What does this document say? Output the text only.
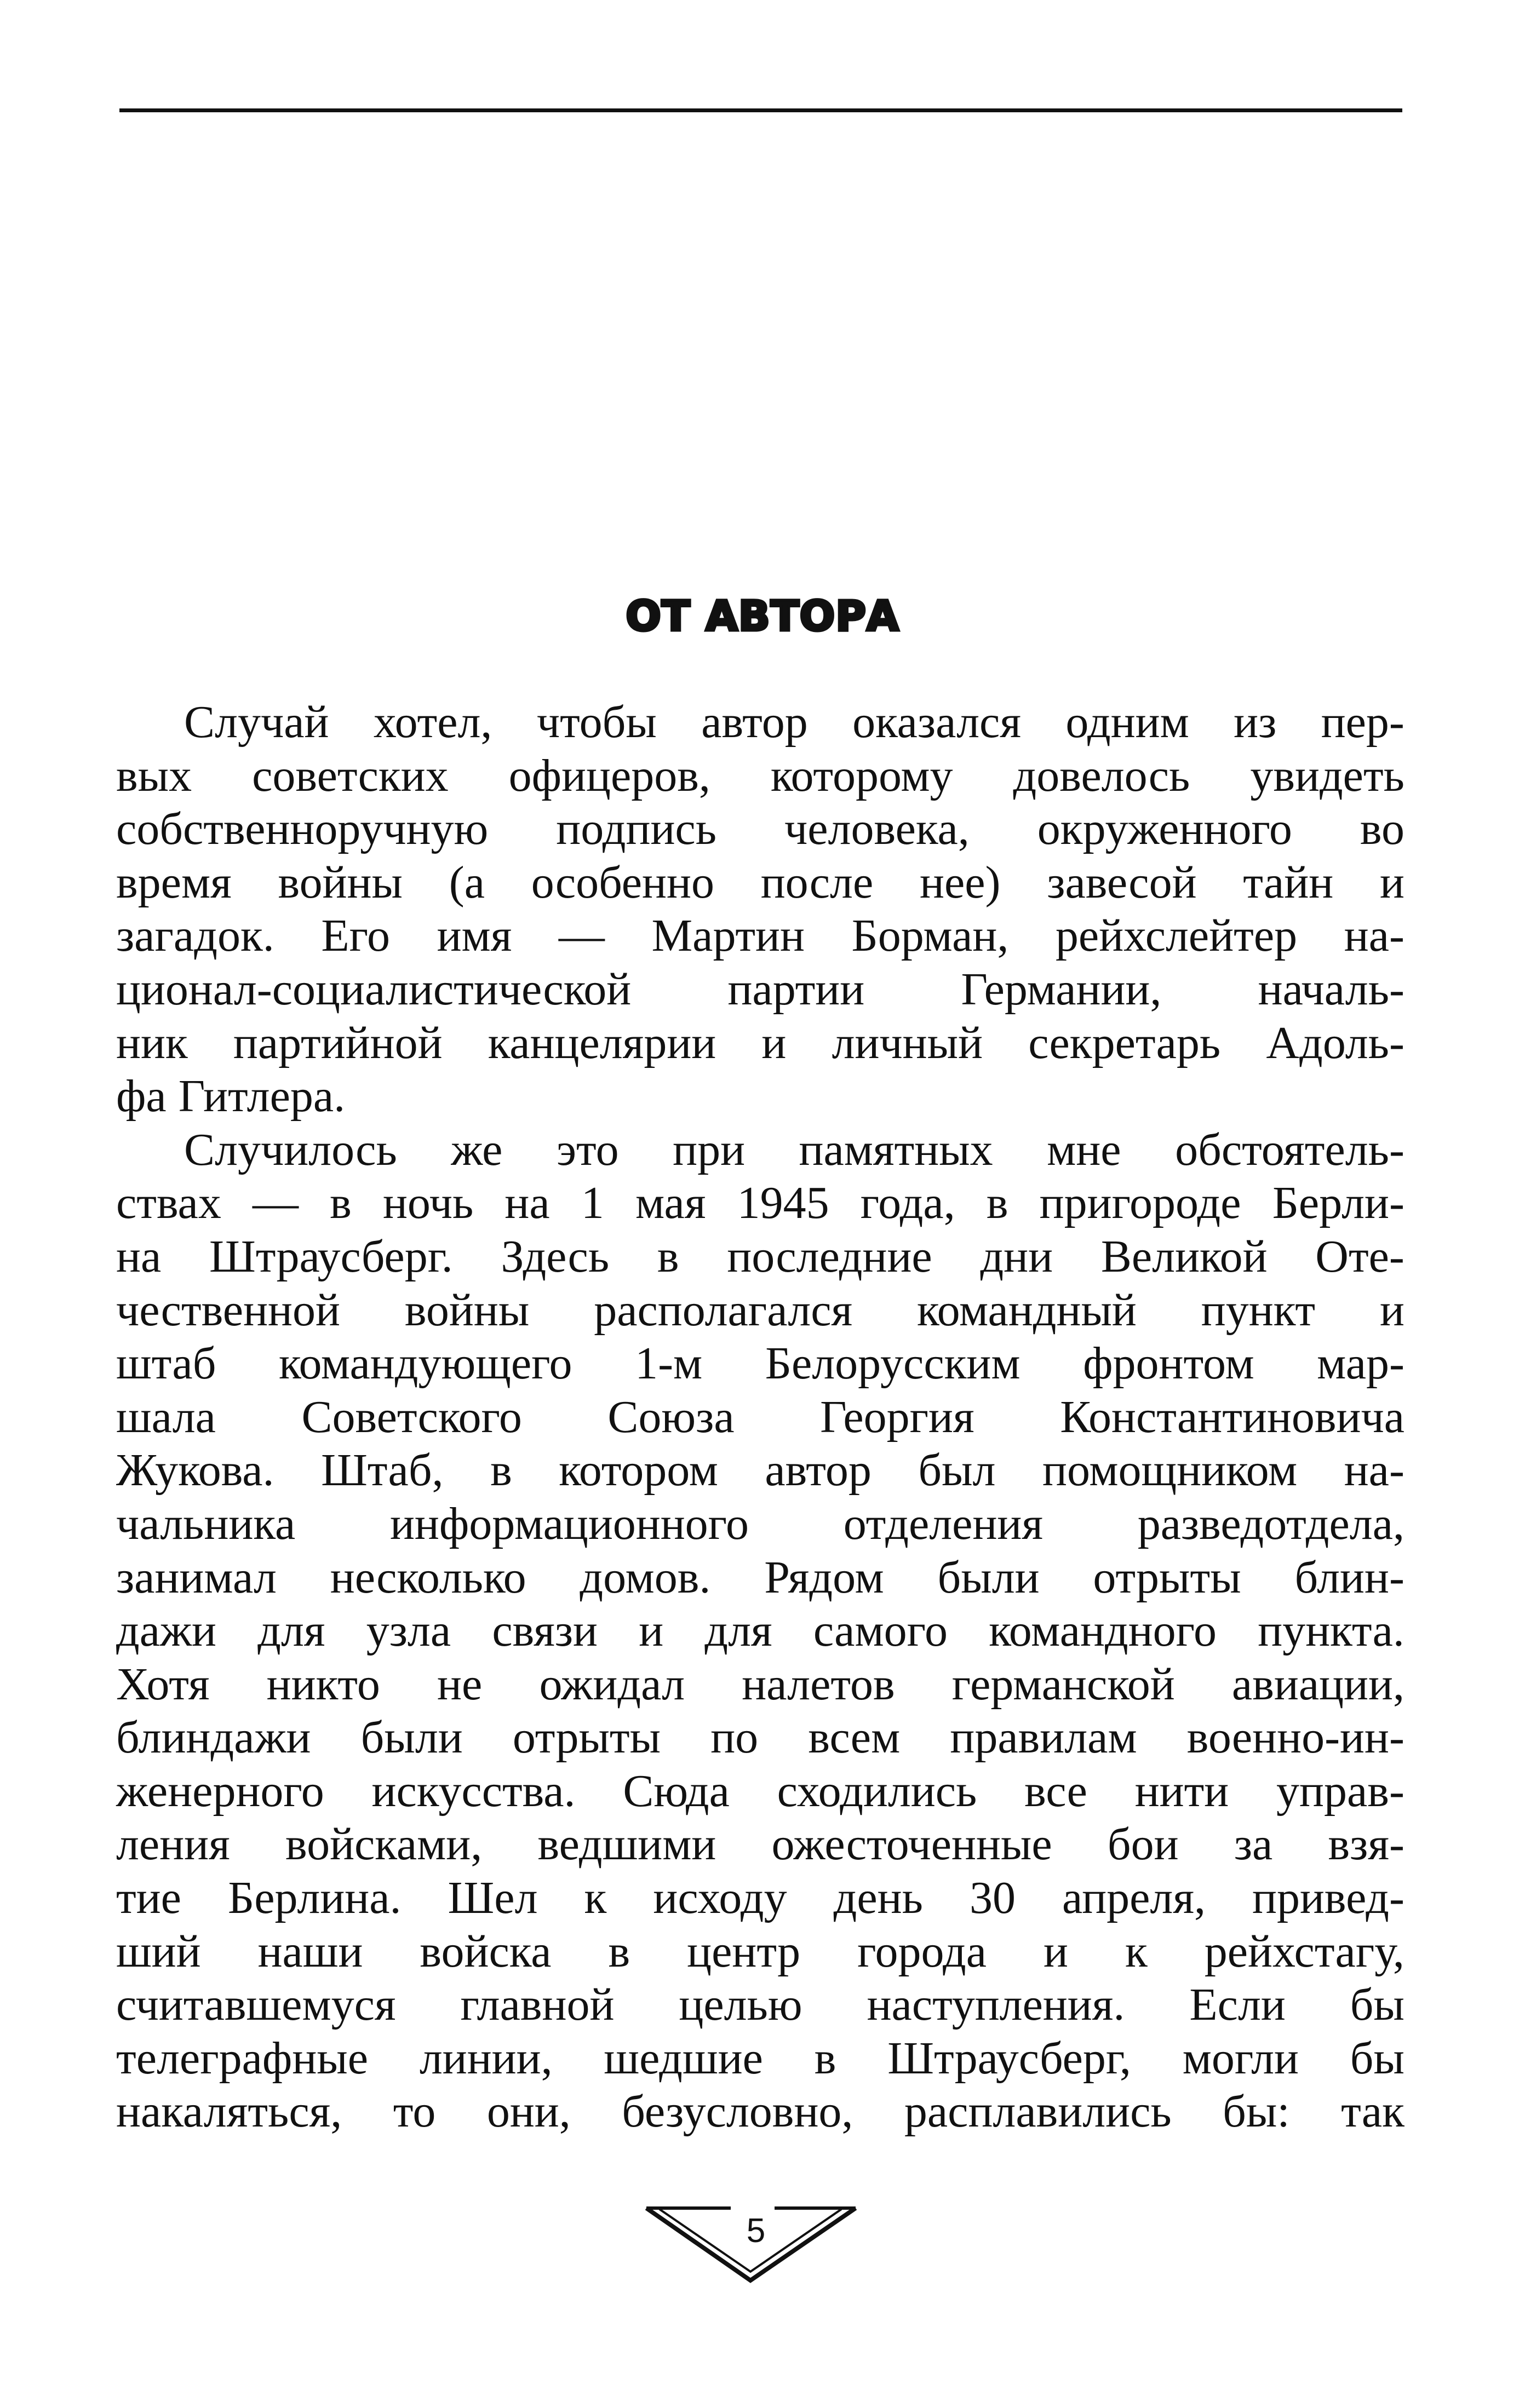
ОТ АВТОРА
Случай хотел, чтобы автор оказался одним из пер-
вых советских офицеров, которому довелось увидеть
собственноручную подпись человека, окруженного во
время войны (а особенно после нее) завесой тайн и
загадок. Его имя — Мартин Борман, рейхслейтер на-
ционал-социалистической партии Германии, началь-
ник партийной канцелярии и личный секретарь Адоль-
фа Гитлера.
Случилось же это при памятных мне обстоятель-
ствах — в ночь на 1 мая 1945 года, в пригороде Берли-
на Штраусберг. Здесь в последние дни Великой Оте-
чественной войны располагался командный пункт и
штаб командующего 1-м Белорусским фронтом мар-
шала Советского Союза Георгия Константиновича
Жукова. Штаб, в котором автор был помощником на-
чальника информационного отделения разведотдела,
занимал несколько домов. Рядом были отрыты блин-
дажи для узла связи и для самого командного пункта.
Хотя никто не ожидал налетов германской авиации,
блиндажи были отрыты по всем правилам военно-ин-
женерного искусства. Сюда сходились все нити управ-
ления войсками, ведшими ожесточенные бои за взя-
тие Берлина. Шел к исходу день 30 апреля, привед-
ший наши войска в центр города и к рейхстагу,
считавшемуся главной целью наступления. Если бы
телеграфные линии, шедшие в Штраусберг, могли бы
накаляться, то они, безусловно, расплавились бы: так
5
